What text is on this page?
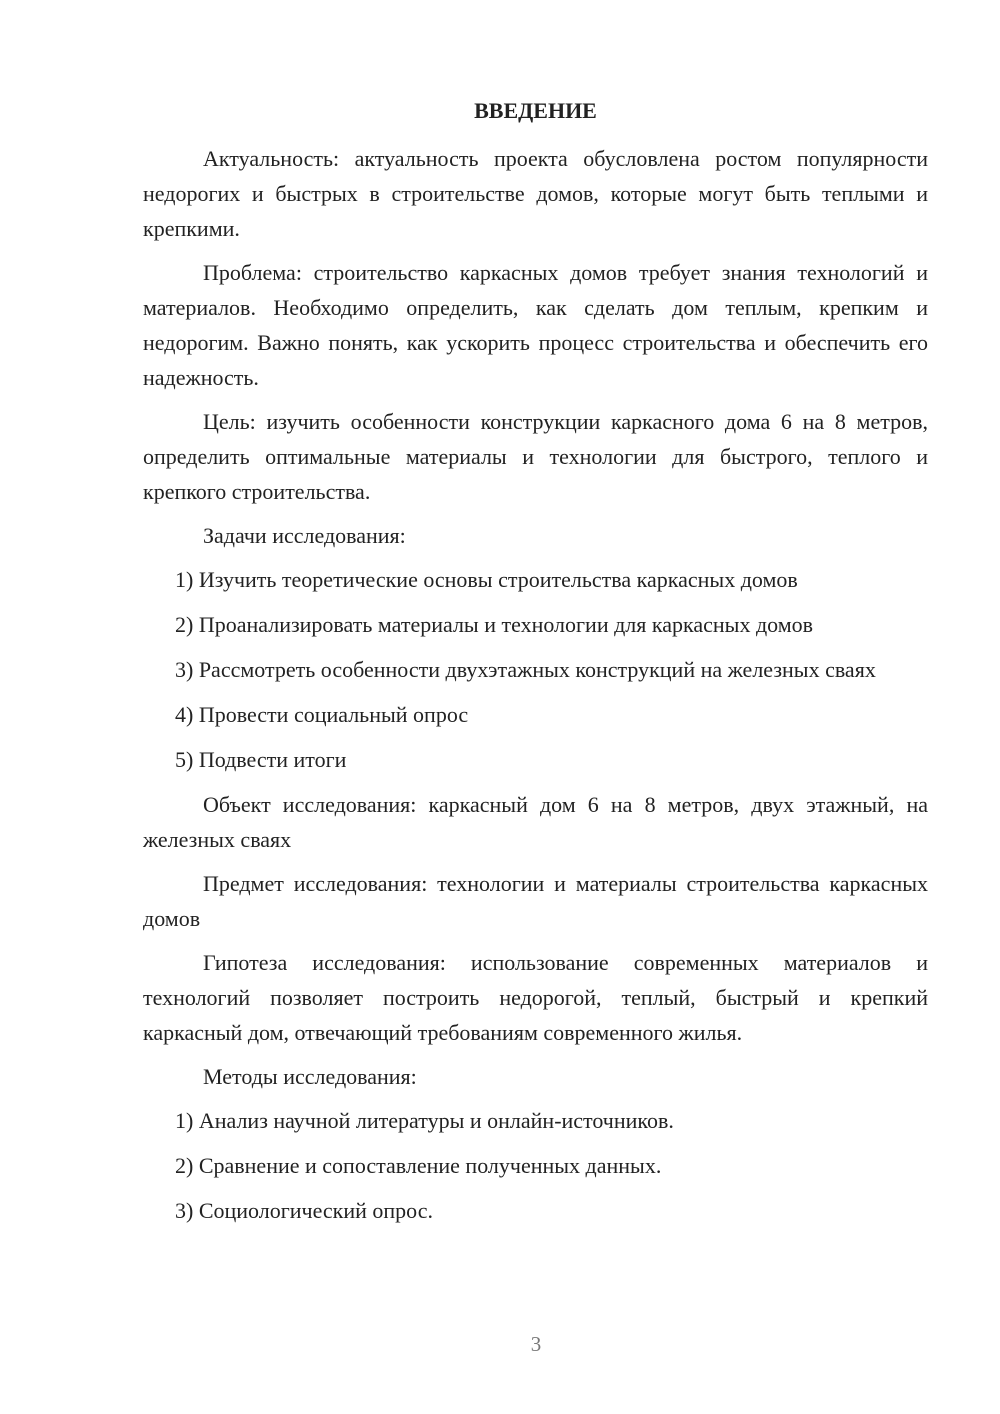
ВВЕДЕНИЕ

Актуальность: актуальность проекта обусловлена ростом популярности недорогих и быстрых в строительстве домов, которые могут быть теплыми и крепкими.

Проблема: строительство каркасных домов требует знания технологий и материалов. Необходимо определить, как сделать дом теплым, крепким и недорогим. Важно понять, как ускорить процесс строительства и обеспечить его надежность.

Цель: изучить особенности конструкции каркасного дома 6 на 8 метров, определить оптимальные материалы и технологии для быстрого, теплого и крепкого строительства.

Задачи исследования:

1) Изучить теоретические основы строительства каркасных домов

2) Проанализировать материалы и технологии для каркасных домов

3) Рассмотреть особенности двухэтажных конструкций на железных сваях

4) Провести социальный опрос

5) Подвести итоги

Объект исследования: каркасный дом 6 на 8 метров, двух этажный, на железных сваях

Предмет исследования: технологии и материалы строительства каркасных домов

Гипотеза исследования: использование современных материалов и технологий позволяет построить недорогой, теплый, быстрый и крепкий каркасный дом, отвечающий требованиям современного жилья.

Методы исследования:

1) Анализ научной литературы и онлайн-источников.

2) Сравнение и сопоставление полученных данных.

3) Социологический опрос.

3
